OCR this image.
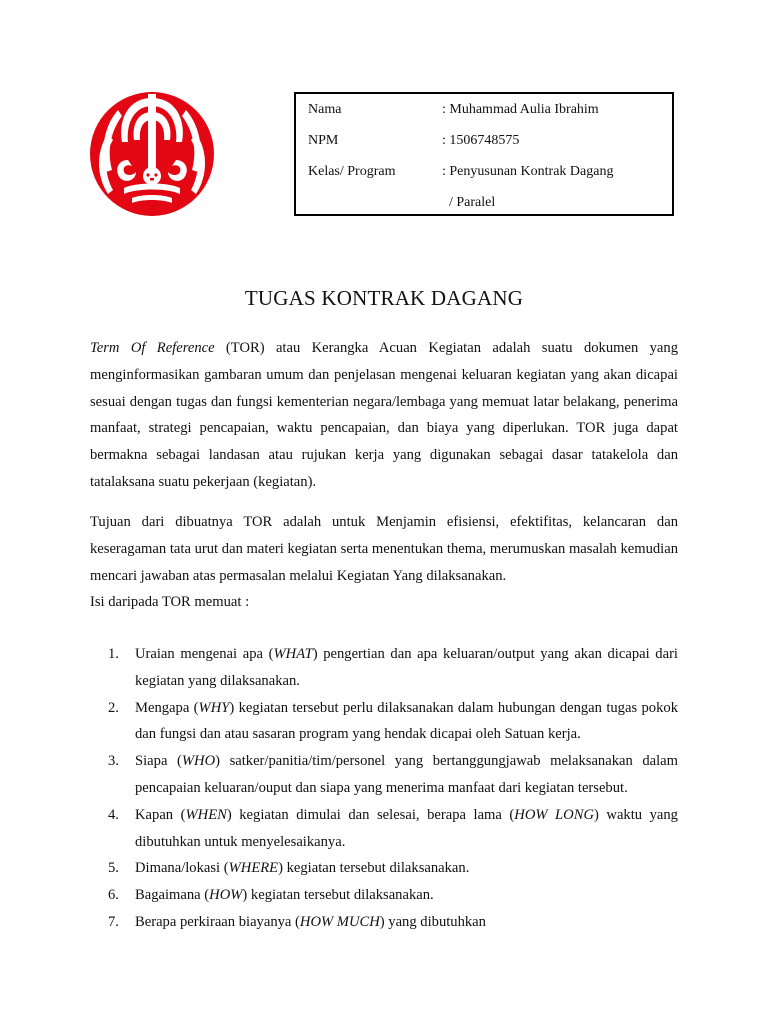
Nama	: Muhammad Aulia Ibrahim
NPM	: 1506748575
Kelas/ Program	: Penyusunan Kontrak Dagang
/ Paralel
TUGAS KONTRAK DAGANG

Term Of Reference (TOR) atau Kerangka Acuan Kegiatan adalah suatu dokumen yang menginformasikan gambaran umum dan penjelasan mengenai keluaran kegiatan yang akan dicapai sesuai dengan tugas dan fungsi kementerian negara/lembaga yang memuat latar belakang, penerima manfaat, strategi pencapaian, waktu pencapaian, dan biaya yang diperlukan. TOR juga dapat bermakna sebagai landasan atau rujukan kerja yang digunakan sebagai dasar tatakelola dan tatalaksana suatu pekerjaan (kegiatan).

Tujuan dari dibuatnya TOR adalah untuk Menjamin efisiensi, efektifitas, kelancaran dan keseragaman tata urut dan materi kegiatan serta menentukan thema, merumuskan masalah kemudian mencari jawaban atas permasalan melalui Kegiatan Yang dilaksanakan.

Isi daripada TOR memuat :

1. Uraian mengenai apa (WHAT) pengertian dan apa keluaran/output yang akan dicapai dari kegiatan yang dilaksanakan.
2. Mengapa (WHY) kegiatan tersebut perlu dilaksanakan dalam hubungan dengan tugas pokok dan fungsi dan atau sasaran program yang hendak dicapai oleh Satuan kerja.
3. Siapa (WHO) satker/panitia/tim/personel yang bertanggungjawab melaksanakan dalam pencapaian keluaran/ouput dan siapa yang menerima manfaat dari kegiatan tersebut.
4. Kapan (WHEN) kegiatan dimulai dan selesai, berapa lama (HOW LONG) waktu yang dibutuhkan untuk menyelesaikanya.
5. Dimana/lokasi (WHERE) kegiatan tersebut dilaksanakan.
6. Bagaimana (HOW) kegiatan tersebut dilaksanakan.
7. Berapa perkiraan biayanya (HOW MUCH) yang dibutuhkan
